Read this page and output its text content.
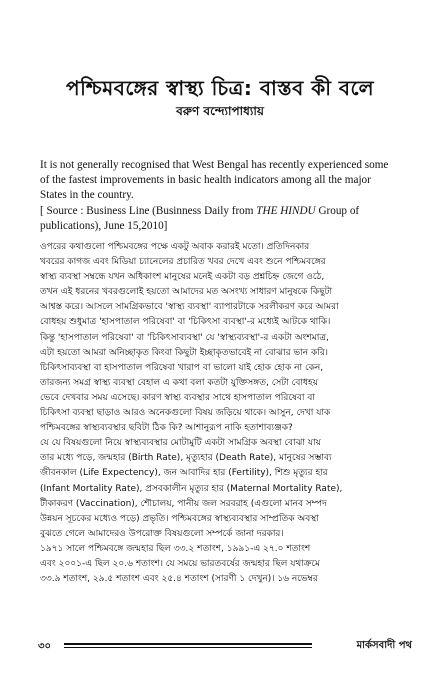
পশ্চিমবঙ্গের স্বাস্থ্য চিত্র: বাস্তব কী বলে
বরুণ বন্দ্যোপাধ্যায়

It is not generally recognised that West Bengal has recently experienced some of the fastest improvements in basic health indicators among all the major States in the country.

[ Source : Business Line (Businness Daily from THE HINDU Group of publications), June 15,2010]

ওপরের কথাগুলো পশ্চিমবঙ্গের পক্ষে একটু অবাক করারই মতো। প্রতিদিনকার
খবরের কাগজ এবং মিডিয়া চ্যানেলের প্রচারিত খবর দেখে এবং শুনে পশ্চিমবঙ্গের
স্বাস্থ্য ব্যবস্থা সম্বন্ধে যখন অধিকাংশ মানুষের মনেই একটা বড় প্রশ্নচিহ্ন জেগে ওঠে,
তখন এই ধরনের খবরগুলোই হয়তো আমাদের মত অসংখ্য সাধারণ মানুষকে কিছুটা
আশ্বস্ত করে। আসলে সামগ্রিকভাবে 'স্বাস্থ্য ব্যবস্থা' ব্যাপারটাকে সরলীকরণ করে আমরা
বোধহয় শুধুমাত্র 'হাসপাতাল পরিষেবা' বা 'চিকিৎসা ব্যবস্থা'-র মধ্যেই আটকে থাকি।
কিন্তু 'হাসপাতাল পরিষেবা' বা 'চিকিৎসাব্যবস্থা' যে 'স্বাস্থ্যব্যবস্থা'-র একটা অংশমাত্র,
এটা হয়তো আমরা অনিচ্ছাকৃত কিংবা কিছুটা ইচ্ছাকৃতভাবেই না বোঝার ভান করি।
চিকিৎসাব্যবস্থা বা হাসপাতাল পরিষেবা খারাপ বা ভালো যাই হোক হোক না কেন,
তারজন্য সমগ্র স্বাস্থ্য ব্যবস্থা বেহাল এ কথা বলা কতটা যুক্তিসঙ্গত, সেটা বোধহয়
ভেবে দেখবার সময় এসেছে। কারণ স্বাস্থ্য ব্যবস্থার সাথে হাসপাতাল পরিষেবা বা
চিকিৎসা ব্যবস্থা ছাড়াও আরও অনেকগুলো বিষয় জড়িয়ে থাকে। আসুন, দেখা যাক
পশ্চিমবঙ্গের স্বাস্থ্যব্যবস্থার ছবিটা ঠিক কি? আশানুরূপ নাকি হতাশাব্যঞ্জক?
যে যে বিষয়গুলো নিয়ে স্বাস্থ্যব্যবস্থার মোটামুটি একটা সামগ্রিক অবস্থা বোঝা যায়
তার মধ্যে পড়ে, জন্মহার (Birth Rate), মৃত্যুহার (Death Rate), মানুষের সম্ভাব্য
জীবনকাল (Life Expectency), জন আবাদির হার (Fertility), শিশু মৃত্যুর হার
(Infant Mortality Rate), প্রসবকালীন মৃত্যুর হার (Maternal Mortality Rate),
টীকাকরণ (Vaccination), শৌচালয়, পানীয় জল সরবরাহ (এগুলো মানব সম্পদ
উন্নয়ন সূচকের মধ্যেও পড়ে) প্রভৃতি। পশ্চিমবঙ্গের স্বাস্থ্যব্যবস্থার সাম্প্রতিক অবস্থা
বুঝতে গেলে আমাদেরও উপরোক্ত বিষয়গুলো সম্পর্কে জানা দরকার।
১৯৭১ সালে পশ্চিমবঙ্গে জন্মহার ছিল ৩৩.২ শতাংশ, ১৯৯১-এ ২৭.০ শতাংশ
এবং ২০০১-এ ছিল ২০.৬ শতাংশ। যে সময়ে ভারতবর্ষের জন্মহার ছিল যথাক্রমে
৩৩.৯ শতাংশ, ২৯.৫ শতাংশ এবং ২৫.৪ শতাংশ (সারণী ১ দেখুন)। ১৬ নভেম্বর
৩০	মার্কসবাদী পথ
